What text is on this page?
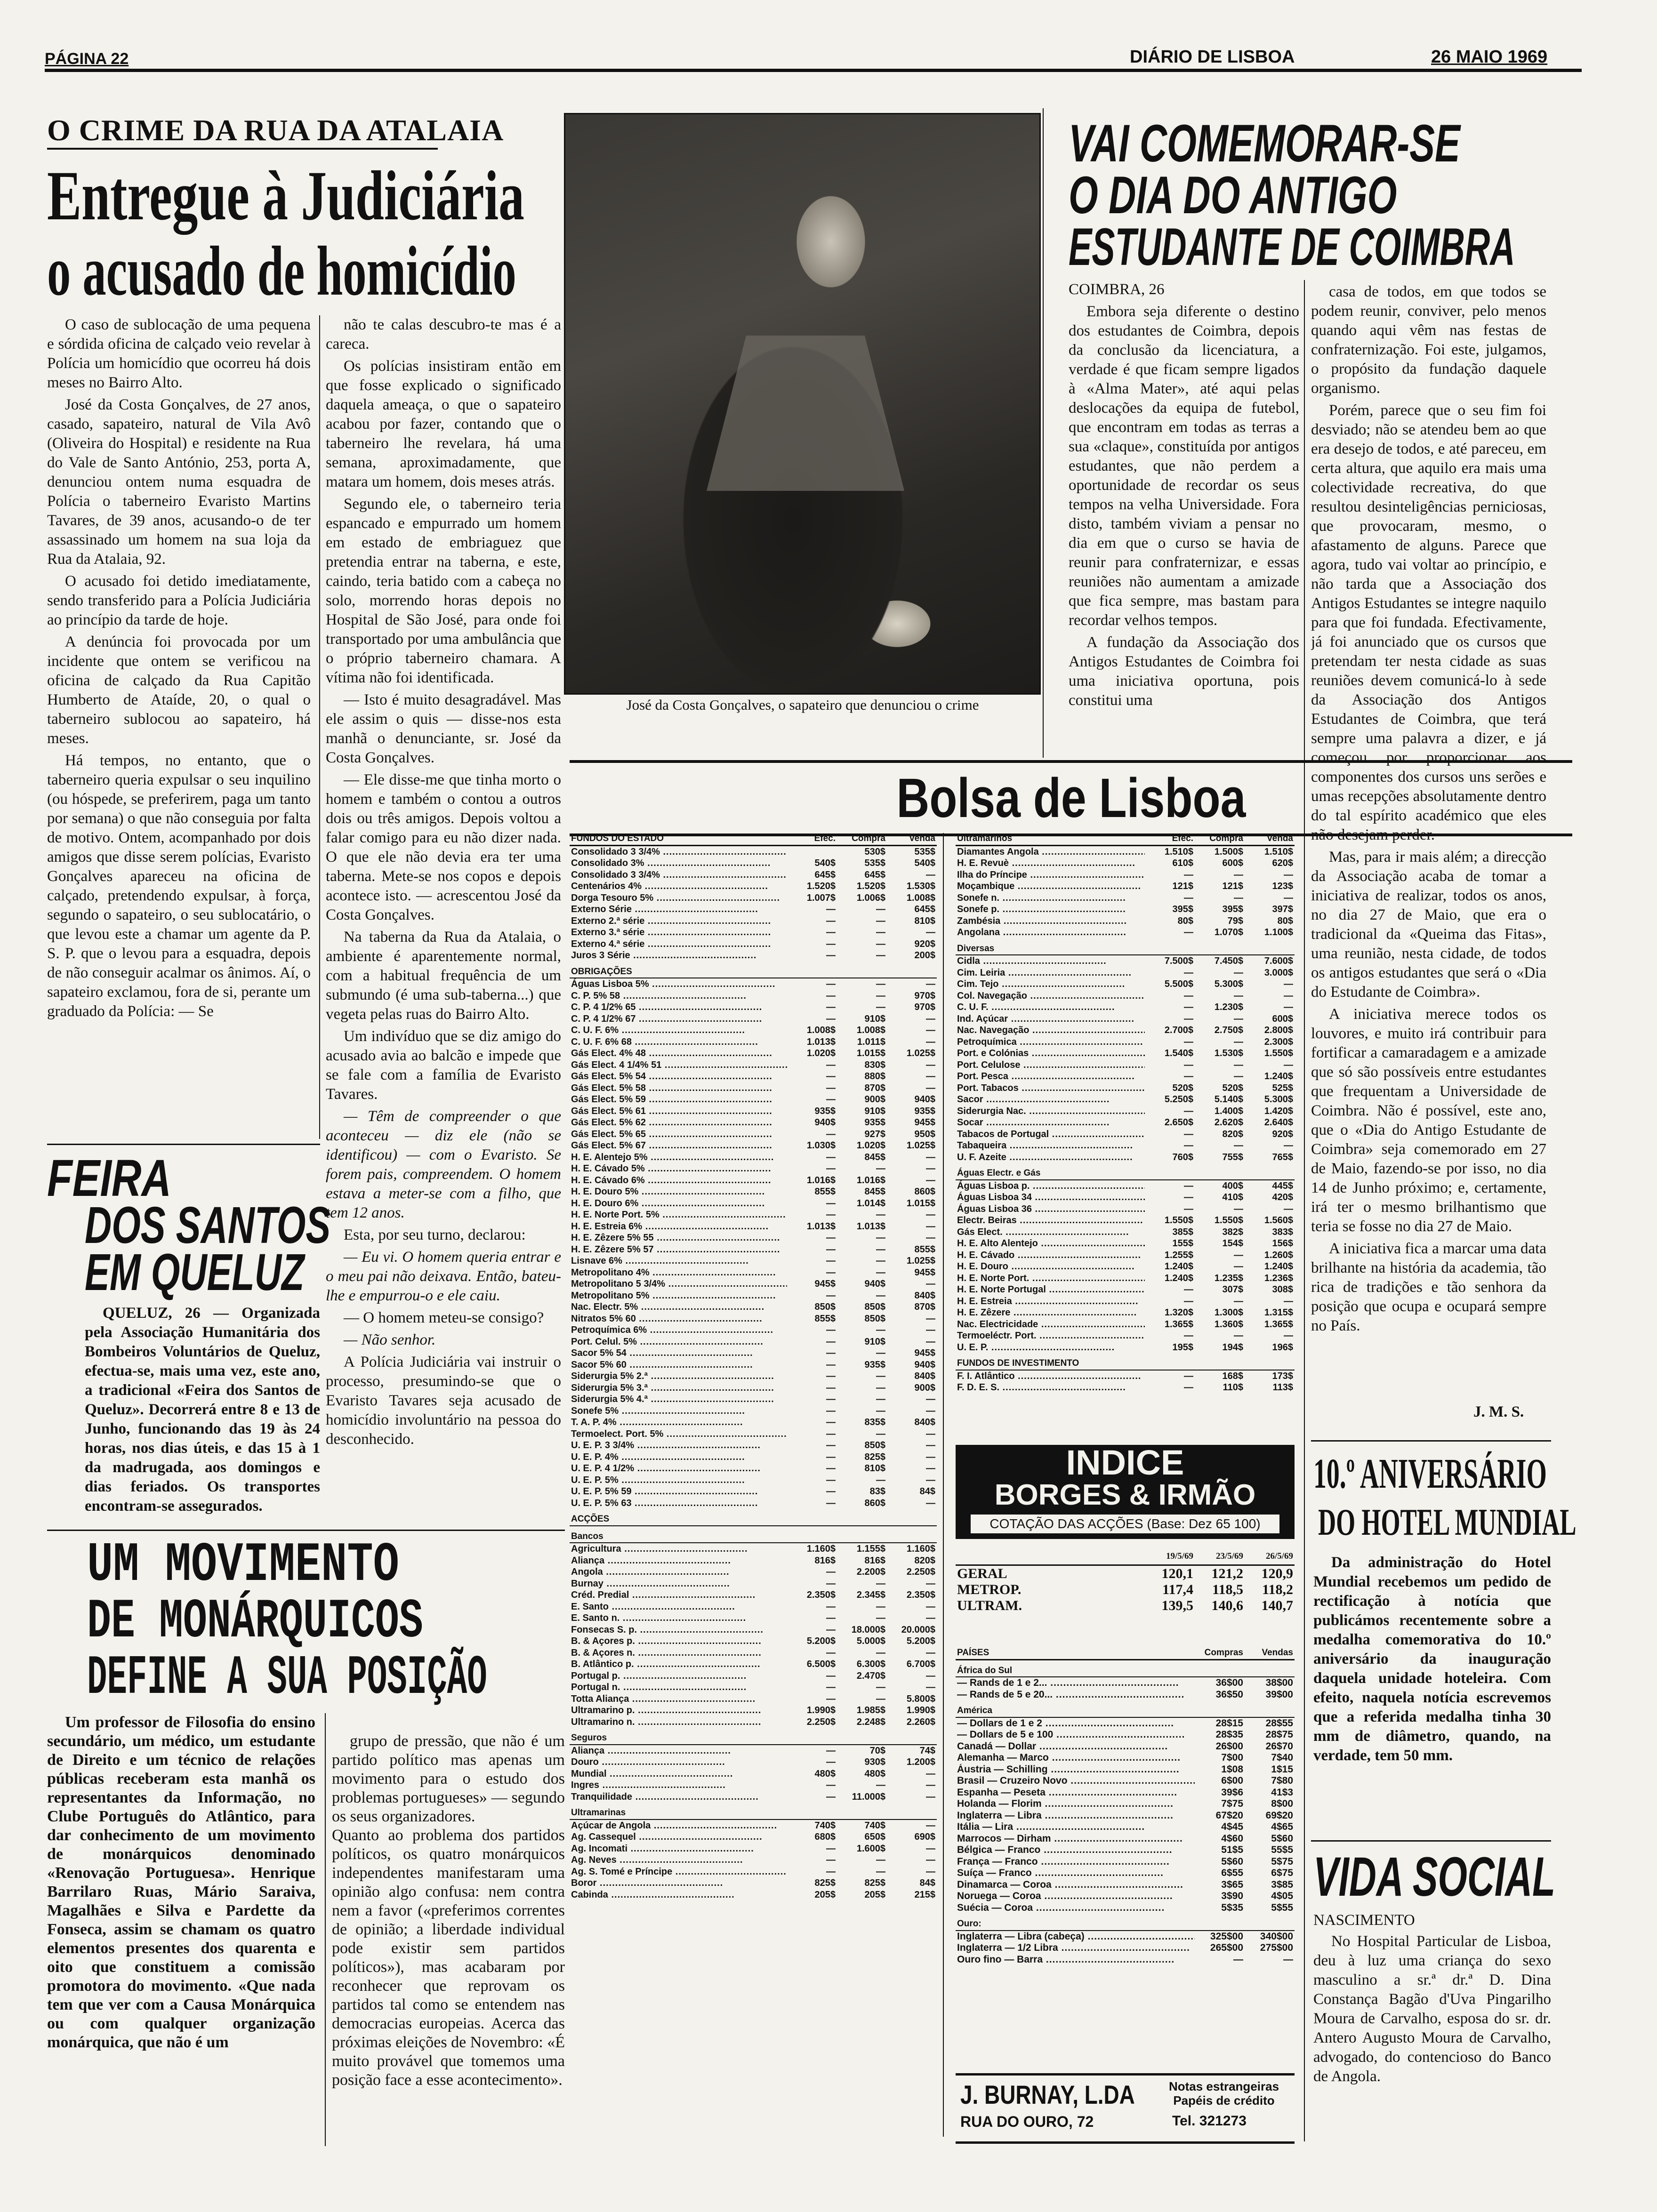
PÁGINA 22	DIÁRIO DE LISBOA	26 MAIO 1969
O CRIME DA RUA DA ATALAIA
Entregue à Judiciária
o acusado de homicídio

O caso de sublocação de uma pequena e sórdida oficina de calçado veio revelar à Polícia um homicídio que ocorreu há dois meses no Bairro Alto.

José da Costa Gonçalves, de 27 anos, casado, sapateiro, natural de Vila Avô (Oliveira do Hospital) e residente na Rua do Vale de Santo António, 253, porta A, denunciou ontem numa esquadra de Polícia o taberneiro Evaristo Martins Tavares, de 39 anos, acusando-o de ter assassinado um homem na sua loja da Rua da Atalaia, 92.

O acusado foi detido imediatamente, sendo transferido para a Polícia Judiciária ao princípio da tarde de hoje.

A denúncia foi provocada por um incidente que ontem se verificou na oficina de calçado da Rua Capitão Humberto de Ataíde, 20, o qual o taberneiro sublocou ao sapateiro, há meses.

Há tempos, no entanto, que o taberneiro queria expulsar o seu inquilino (ou hóspede, se preferirem, paga um tanto por semana) o que não conseguia por falta de motivo. Ontem, acompanhado por dois amigos que disse serem polícias, Evaristo Gonçalves apareceu na oficina de calçado, pretendendo expulsar, à força, segundo o sapateiro, o seu sublocatário, o que levou este a chamar um agente da P. S. P. que o levou para a esquadra, depois de não conseguir acalmar os ânimos. Aí, o sapateiro exclamou, fora de si, perante um graduado da Polícia: — Se

não te calas descubro-te mas é a careca.

Os polícias insistiram então em que fosse explicado o significado daquela ameaça, o que o sapateiro acabou por fazer, contando que o taberneiro lhe revelara, há uma semana, aproximadamente, que matara um homem, dois meses atrás.

Segundo ele, o taberneiro teria espancado e empurrado um homem em estado de embriaguez que pretendia entrar na taberna, e este, caindo, teria batido com a cabeça no solo, morrendo horas depois no Hospital de São José, para onde foi transportado por uma ambulância que o próprio taberneiro chamara. A vítima não foi identificada.

— Isto é muito desagradável. Mas ele assim o quis — disse-nos esta manhã o denunciante, sr. José da Costa Gonçalves.

— Ele disse-me que tinha morto o homem e também o contou a outros dois ou três amigos. Depois voltou a falar comigo para eu não dizer nada. O que ele não devia era ter uma taberna. Mete-se nos copos e depois acontece isto. — acrescentou José da Costa Gonçalves.

Na taberna da Rua da Atalaia, o ambiente é aparentemente normal, com a habitual frequência de um submundo (é uma sub-taberna...) que vegeta pelas ruas do Bairro Alto.

Um indivíduo que se diz amigo do acusado avia ao balcão e impede que se fale com a família de Evaristo Tavares.

— Têm de compreender o que aconteceu — diz ele (não se identificou) — com o Evaristo. Se forem pais, compreendem. O homem estava a meter-se com a filho, que tem 12 anos.

Esta, por seu turno, declarou:

— Eu vi. O homem queria entrar e o meu pai não deixava. Então, bateu-lhe e empurrou-o e ele caiu.

— O homem meteu-se consigo?

— Não senhor.

A Polícia Judiciária vai instruir o processo, presumindo-se que o Evaristo Tavares seja acusado de homicídio involuntário na pessoa do desconhecido.

José da Costa Gonçalves, o sapateiro que denunciou o crime
FEIRA
DOS SANTOS
EM QUELUZ

QUELUZ, 26 — Organizada pela Associação Humanitária dos Bombeiros Voluntários de Queluz, efectua-se, mais uma vez, este ano, a tradicional «Feira dos Santos de Queluz». Decorrerá entre 8 e 13 de Junho, funcionando das 19 às 24 horas, nos dias úteis, e das 15 à 1 da madrugada, aos domingos e dias feriados. Os transportes encontram-se assegurados.

UM MOVIMENTO
DE MONÁRQUICOS
DEFINE A SUA POSIÇÃO

Um professor de Filosofia do ensino secundário, um médico, um estudante de Direito e um técnico de relações públicas receberam esta manhã os representantes da Informação, no Clube Português do Atlântico, para dar conhecimento de um movimento de monárquicos denominado «Renovação Portuguesa». Henrique Barrilaro Ruas, Mário Saraiva, Magalhães e Silva e Pardette da Fonseca, assim se chamam os quatro elementos presentes dos quarenta e oito que constituem a comissão promotora do movimento. «Que nada tem que ver com a Causa Monárquica ou com qualquer organização monárquica, que não é um

grupo de pressão, que não é um partido político mas apenas um movimento para o estudo dos problemas portugueses» — segundo os seus organizadores.
Quanto ao problema dos partidos políticos, os quatro monárquicos independentes manifestaram uma opinião algo confusa: nem contra nem a favor («preferimos correntes de opinião; a liberdade individual pode existir sem partidos políticos»), mas acabaram por reconhecer que reprovam os partidos tal como se entendem nas democracias europeias. Acerca das próximas eleições de Novembro: «É muito provável que tomemos uma posição face a esse acontecimento».

VAI COMEMORAR-SE
O DIA DO ANTIGO
ESTUDANTE DE COIMBRA

COIMBRA, 26

Embora seja diferente o destino dos estudantes de Coimbra, depois da conclusão da licenciatura, a verdade é que ficam sempre ligados à «Alma Mater», até aqui pelas deslocações da equipa de futebol, que encontram em todas as terras a sua «claque», constituída por antigos estudantes, que não perdem a oportunidade de recordar os seus tempos na velha Universidade. Fora disto, também viviam a pensar no dia em que o curso se havia de reunir para confraternizar, e essas reuniões não aumentam a amizade que fica sempre, mas bastam para recordar velhos tempos.

A fundação da Associação dos Antigos Estudantes de Coimbra foi uma iniciativa oportuna, pois constitui uma

casa de todos, em que todos se podem reunir, conviver, pelo menos quando aqui vêm nas festas de confraternização. Foi este, julgamos, o propósito da fundação daquele organismo.

Porém, parece que o seu fim foi desviado; não se atendeu bem ao que era desejo de todos, e até pareceu, em certa altura, que aquilo era mais uma colectividade recreativa, do que resultou desinteligências perniciosas, que provocaram, mesmo, o afastamento de alguns. Parece que agora, tudo vai voltar ao princípio, e não tarda que a Associação dos Antigos Estudantes se integre naquilo para que foi fundada. Efectivamente, já foi anunciado que os cursos que pretendam ter nesta cidade as suas reuniões devem comunicá-lo à sede da Associação dos Antigos Estudantes de Coimbra, que terá sempre uma palavra a dizer, e já começou por proporcionar aos componentes dos cursos uns serões e umas recepções absolutamente dentro do tal espírito académico que eles não desejam perder.

Mas, para ir mais além; a direcção da Associação acaba de tomar a iniciativa de realizar, todos os anos, no dia 27 de Maio, que era o tradicional da «Queima das Fitas», uma reunião, nesta cidade, de todos os antigos estudantes que será o «Dia do Estudante de Coimbra».

A iniciativa merece todos os louvores, e muito irá contribuir para fortificar a camaradagem e a amizade que só são possíveis entre estudantes que frequentam a Universidade de Coimbra. Não é possível, este ano, que o «Dia do Antigo Estudante de Coimbra» seja comemorado em 27 de Maio, fazendo-se por isso, no dia 14 de Junho próximo; e, certamente, irá ter o mesmo brilhantismo que teria se fosse no dia 27 de Maio.

A iniciativa fica a marcar uma data brilhante na história da academia, tão rica de tradições e tão senhora da posição que ocupa e ocupará sempre no País.

J. M. S.
10.º ANIVERSÁRIO
DO HOTEL MUNDIAL

Da administração do Hotel Mundial recebemos um pedido de rectificação à notícia que publicámos recentemente sobre a medalha comemorativa do 10.º aniversário da inauguração daquela unidade hoteleira. Com efeito, naquela notícia escrevemos que a referida medalha tinha 30 mm de diâmetro, quando, na verdade, tem 50 mm.

VIDA SOCIAL
NASCIMENTO

No Hospital Particular de Lisboa, deu à luz uma criança do sexo masculino a sr.ª dr.ª D. Dina Constança Bagão d'Uva Pingarilho Moura de Carvalho, esposa do sr. dr. Antero Augusto Moura de Carvalho, advogado, do contencioso do Banco de Angola.

Bolsa de Lisboa
FUNDOS DO ESTADO	Efec.	Compra	Venda
Consolidado 3 3/4% .....		530$	535$
Consolidado 3% .....	540$	535$	540$
Consolidado 3 3/4% .....	645$	645$	—
Centenários 4% .....	1.520$	1.520$	1.530$
Dorga Tesouro 5% .....	1.007$	1.006$	1.008$
Externo Série .....	—	—	645$
Externo 2.ª série .....	—	—	810$
Externo 3.ª série .....	—	—	—
Externo 4.ª série .....	—	—	920$
Juros 3 Série .....	—	—	200$
OBRIGAÇÕES			
Águas Lisboa 5% .....	—	—	—
C. P. 5% 58 .....	—	—	970$
C. P. 4 1/2% 65 .....	—	—	970$
C. P. 4 1/2% 67 .....	—	910$	—
C. U. F. 6% .....	1.008$	1.008$	—
C. U. F. 6% 68 .....	1.013$	1.011$	—
Gás Elect. 4% 48 .....	1.020$	1.015$	1.025$
Gás Elect. 4 1/4% 51 .....	—	830$	—
Gás Elect. 5% 54 .....	—	880$	—
Gás Elect. 5% 58 .....	—	870$	—
Gás Elect. 5% 59 .....	—	900$	940$
Gás Elect. 5% 61 .....	935$	910$	935$
Gás Elect. 5% 62 .....	940$	935$	945$
Gás Elect. 5% 65 .....	—	927$	950$
Gás Elect. 5% 67 .....	1.030$	1.020$	1.025$
H. E. Alentejo 5% .....	—	845$	—
H. E. Cávado 5% .....	—	—	—
H. E. Cávado 6% .....	1.016$	1.016$	—
H. E. Douro 5% .....	855$	845$	860$
H. E. Douro 6% .....	—	1.014$	1.015$
H. E. Norte Port. 5% .....	—	—	—
H. E. Estreia 6% .....	1.013$	1.013$	—
H. E. Zêzere 5% 55 .....	—	—	—
H. E. Zêzere 5% 57 .....	—	—	855$
Lisnave 6% .....	—	—	1.025$
Metropolitano 4% .....	—	—	945$
Metropolitano 5 3/4% .....	945$	940$	—
Metropolitano 5% .....	—	—	840$
Nac. Electr. 5% .....	850$	850$	870$
Nitratos 5% 60 .....	855$	850$	—
Petroquímica 6% .....	—	—	—
Port. Celul. 5% .....	—	910$	—
Sacor 5% 54 .....	—	—	945$
Sacor 5% 60 .....	—	935$	940$
Siderurgia 5% 2.ª .....	—	—	840$
Siderurgia 5% 3.ª .....	—	—	900$
Siderurgia 5% 4.ª .....	—	—	—
Sonefe 5% .....	—	—	—
T. A. P. 4% .....	—	835$	840$
Termoelect. Port. 5% .....	—	—	—
U. E. P. 3 3/4% .....	—	850$	—
U. E. P. 4% .....	—	825$	—
U. E. P. 4 1/2% .....	—	810$	—
U. E. P. 5% .....	—	—	—
U. E. P. 5% 59 .....	—	83$	84$
U. E. P. 5% 63 .....	—	860$	—
ACÇÕES			
Bancos			
Agricultura .....	1.160$	1.155$	1.160$
Aliança .....	816$	816$	820$
Angola .....	—	2.200$	2.250$
Burnay .....	—	—	—
Créd. Predial .....	2.350$	2.345$	2.350$
E. Santo .....	—	—	—
E. Santo n. .....	—	—	—
Fonsecas S. p. .....	—	18.000$	20.000$
B. & Açores p. .....	5.200$	5.000$	5.200$
B. & Açores n. .....	—	—	—
B. Atlântico p. .....	6.500$	6.300$	6.700$
Portugal p. .....	—	2.470$	—
Portugal n. .....	—	—	—
Totta Aliança .....	—	—	5.800$
Ultramarino p. .....	1.990$	1.985$	1.990$
Ultramarino n. .....	2.250$	2.248$	2.260$
Seguros			
Aliança .....	—	70$	74$
Douro .....	—	930$	1.200$
Mundial .....	480$	480$	—
Ingres .....	—	—	—
Tranquilidade .....	—	11.000$	—
Ultramarinas			
Açúcar de Angola .....	740$	740$	—
Ag. Cassequel .....	680$	650$	690$
Ag. Incomati .....	—	1.600$	—
Ag. Neves .....	—	—	—
Ag. S. Tomé e Príncipe .....	—	—	—
Boror .....	825$	825$	84$
Cabinda .....	205$	205$	215$
Ultramarinos	Efec.	Compra	Venda
Diamantes Angola .....	1.510$	1.500$	1.510$
H. E. Revuè .....	610$	600$	620$
Ilha do Príncipe .....	—	—	—
Moçambique .....	121$	121$	123$
Sonefe n. .....	—	—	—
Sonefe p. .....	395$	395$	397$
Zambésia .....	80$	79$	80$
Angolana .....	—	1.070$	1.100$
Diversas			
Cidla .....	7.500$	7.450$	7.600$
Cim. Leiria .....	—	—	3.000$
Cim. Tejo .....	5.500$	5.300$	—
Col. Navegação .....	—	—	—
C. U. F. .....	—	1.230$	—
Ind. Açúcar .....	—	—	600$
Nac. Navegação .....	2.700$	2.750$	2.800$
Petroquímica .....	—	—	2.300$
Port. e Colónias .....	1.540$	1.530$	1.550$
Port. Celulose .....	—	—	—
Port. Pesca .....	—	—	1.240$
Port. Tabacos .....	520$	520$	525$
Sacor .....	5.250$	5.140$	5.300$
Siderurgia Nac. .....	—	1.400$	1.420$
Socar .....	2.650$	2.620$	2.640$
Tabacos de Portugal .....	—	820$	920$
Tabaqueira .....	—	—	—
U. F. Azeite .....	760$	755$	765$
Águas Electr. e Gás			
Águas Lisboa p. .....	—	400$	445$
Águas Lisboa 34 .....	—	410$	420$
Águas Lisboa 36 .....	—	—	—
Electr. Beiras .....	1.550$	1.550$	1.560$
Gás Elect. .....	385$	382$	383$
H. E. Alto Alentejo .....	155$	154$	156$
H. E. Cávado .....	1.255$	—	1.260$
H. E. Douro .....	1.240$	—	1.240$
H. E. Norte Port. .....	1.240$	1.235$	1.236$
H. E. Norte Portugal .....	—	307$	308$
H. E. Estreia .....	—	—	—
H. E. Zêzere .....	1.320$	1.300$	1.315$
Nac. Electricidade .....	1.365$	1.360$	1.365$
Termoeléctr. Port. .....	—	—	—
U. E. P. .....	195$	194$	196$
FUNDOS DE INVESTIMENTO			
F. I. Atlântico .....	—	168$	173$
F. D. E. S. .....	—	110$	113$
INDICE
BORGES & IRMÃO
COTAÇÃO DAS ACÇÕES (Base: Dez 65 100)
	19/5/69	23/5/69	26/5/69
GERAL	120,1	121,2	120,9
METROP.	117,4	118,5	118,2
ULTRAM.	139,5	140,6	140,7
PAÍSES	Compras	Vendas
África do Sul		
— Rands de 1 e 2... .....	36$00	38$00
— Rands de 5 e 20... .....	36$50	39$00
América		
— Dollars de 1 e 2 .....	28$15	28$55
— Dollars de 5 e 100 .....	28$35	28$75
Canadá — Dollar .....	26$00	26$70
Alemanha — Marco .....	7$00	7$40
Áustria — Schilling .....	1$08	1$15
Brasil — Cruzeiro Novo .....	6$00	7$80
Espanha — Peseta .....	39$6	41$3
Holanda — Florim .....	7$75	8$00
Inglaterra — Libra .....	67$20	69$20
Itália — Lira .....	4$45	4$65
Marrocos — Dirham .....	4$60	5$60
Bélgica — Franco .....	51$5	55$5
França — Franco .....	5$60	5$75
Suíça — Franco .....	6$55	6$75
Dinamarca — Coroa .....	3$65	3$85
Noruega — Coroa .....	3$90	4$05
Suécia — Coroa .....	5$35	5$55
Ouro:		
Inglaterra — Libra (cabeça) .....	325$00	340$00
Inglaterra — 1/2 Libra .....	265$00	275$00
Ouro fino — Barra .....	—	—
J. BURNAY, L.DA
RUA DO OURO, 72
Notas estrangeiras Papéis de crédito
Tel. 321273
